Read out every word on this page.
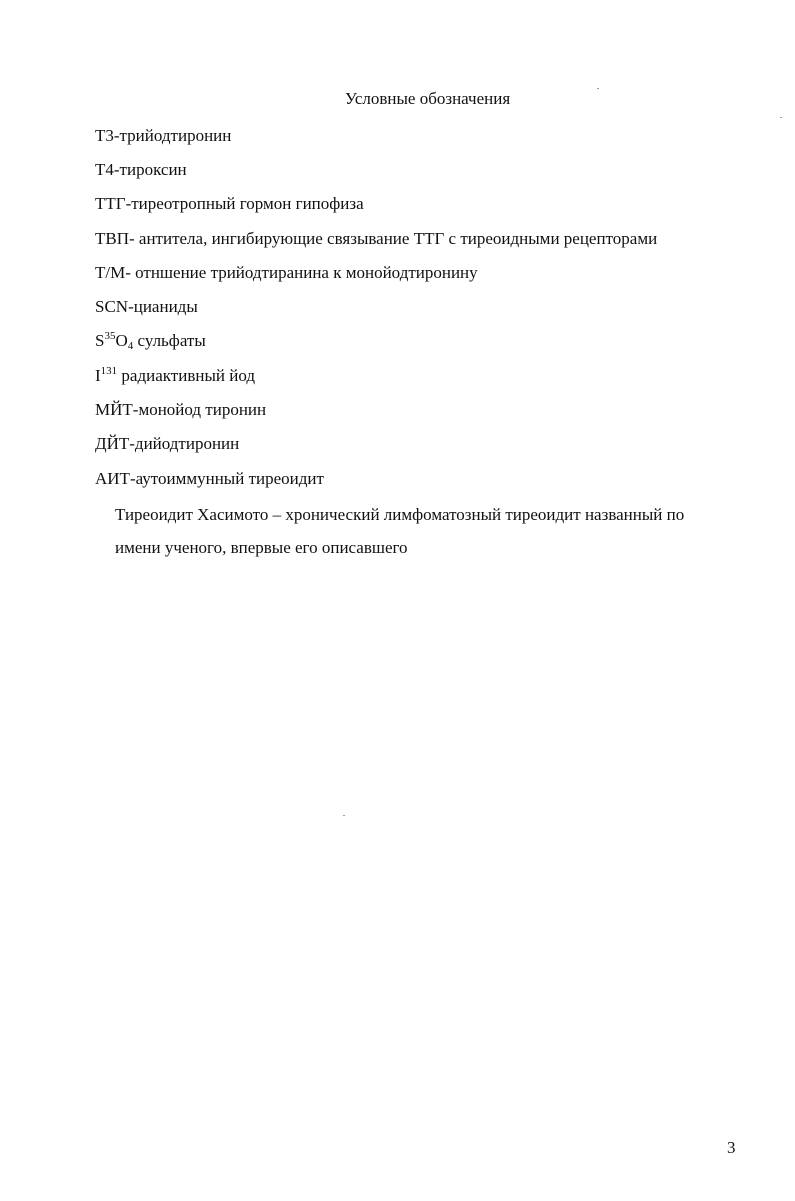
Условные обозначения
Т3-трийодтиронин
Т4-тироксин
ТТГ-тиреотропный гормон гипофиза
ТВП- антитела, ингибирующие связывание ТТГ с тиреоидными рецепторами
Т/М- отншение трийодтиранина к монойодтиронину
SCN-цианиды
$S^{35}O_4$ сульфаты
$I^{131}$ радиактивный йод
МЙТ-монойод тиронин
ДЙТ-дийодтиронин
АИТ-аутоиммунный тиреоидит
Тиреоидит Хасимото – хронический лимфоматозный тиреоидит названный по
имени ученого, впервые его описавшего
3
